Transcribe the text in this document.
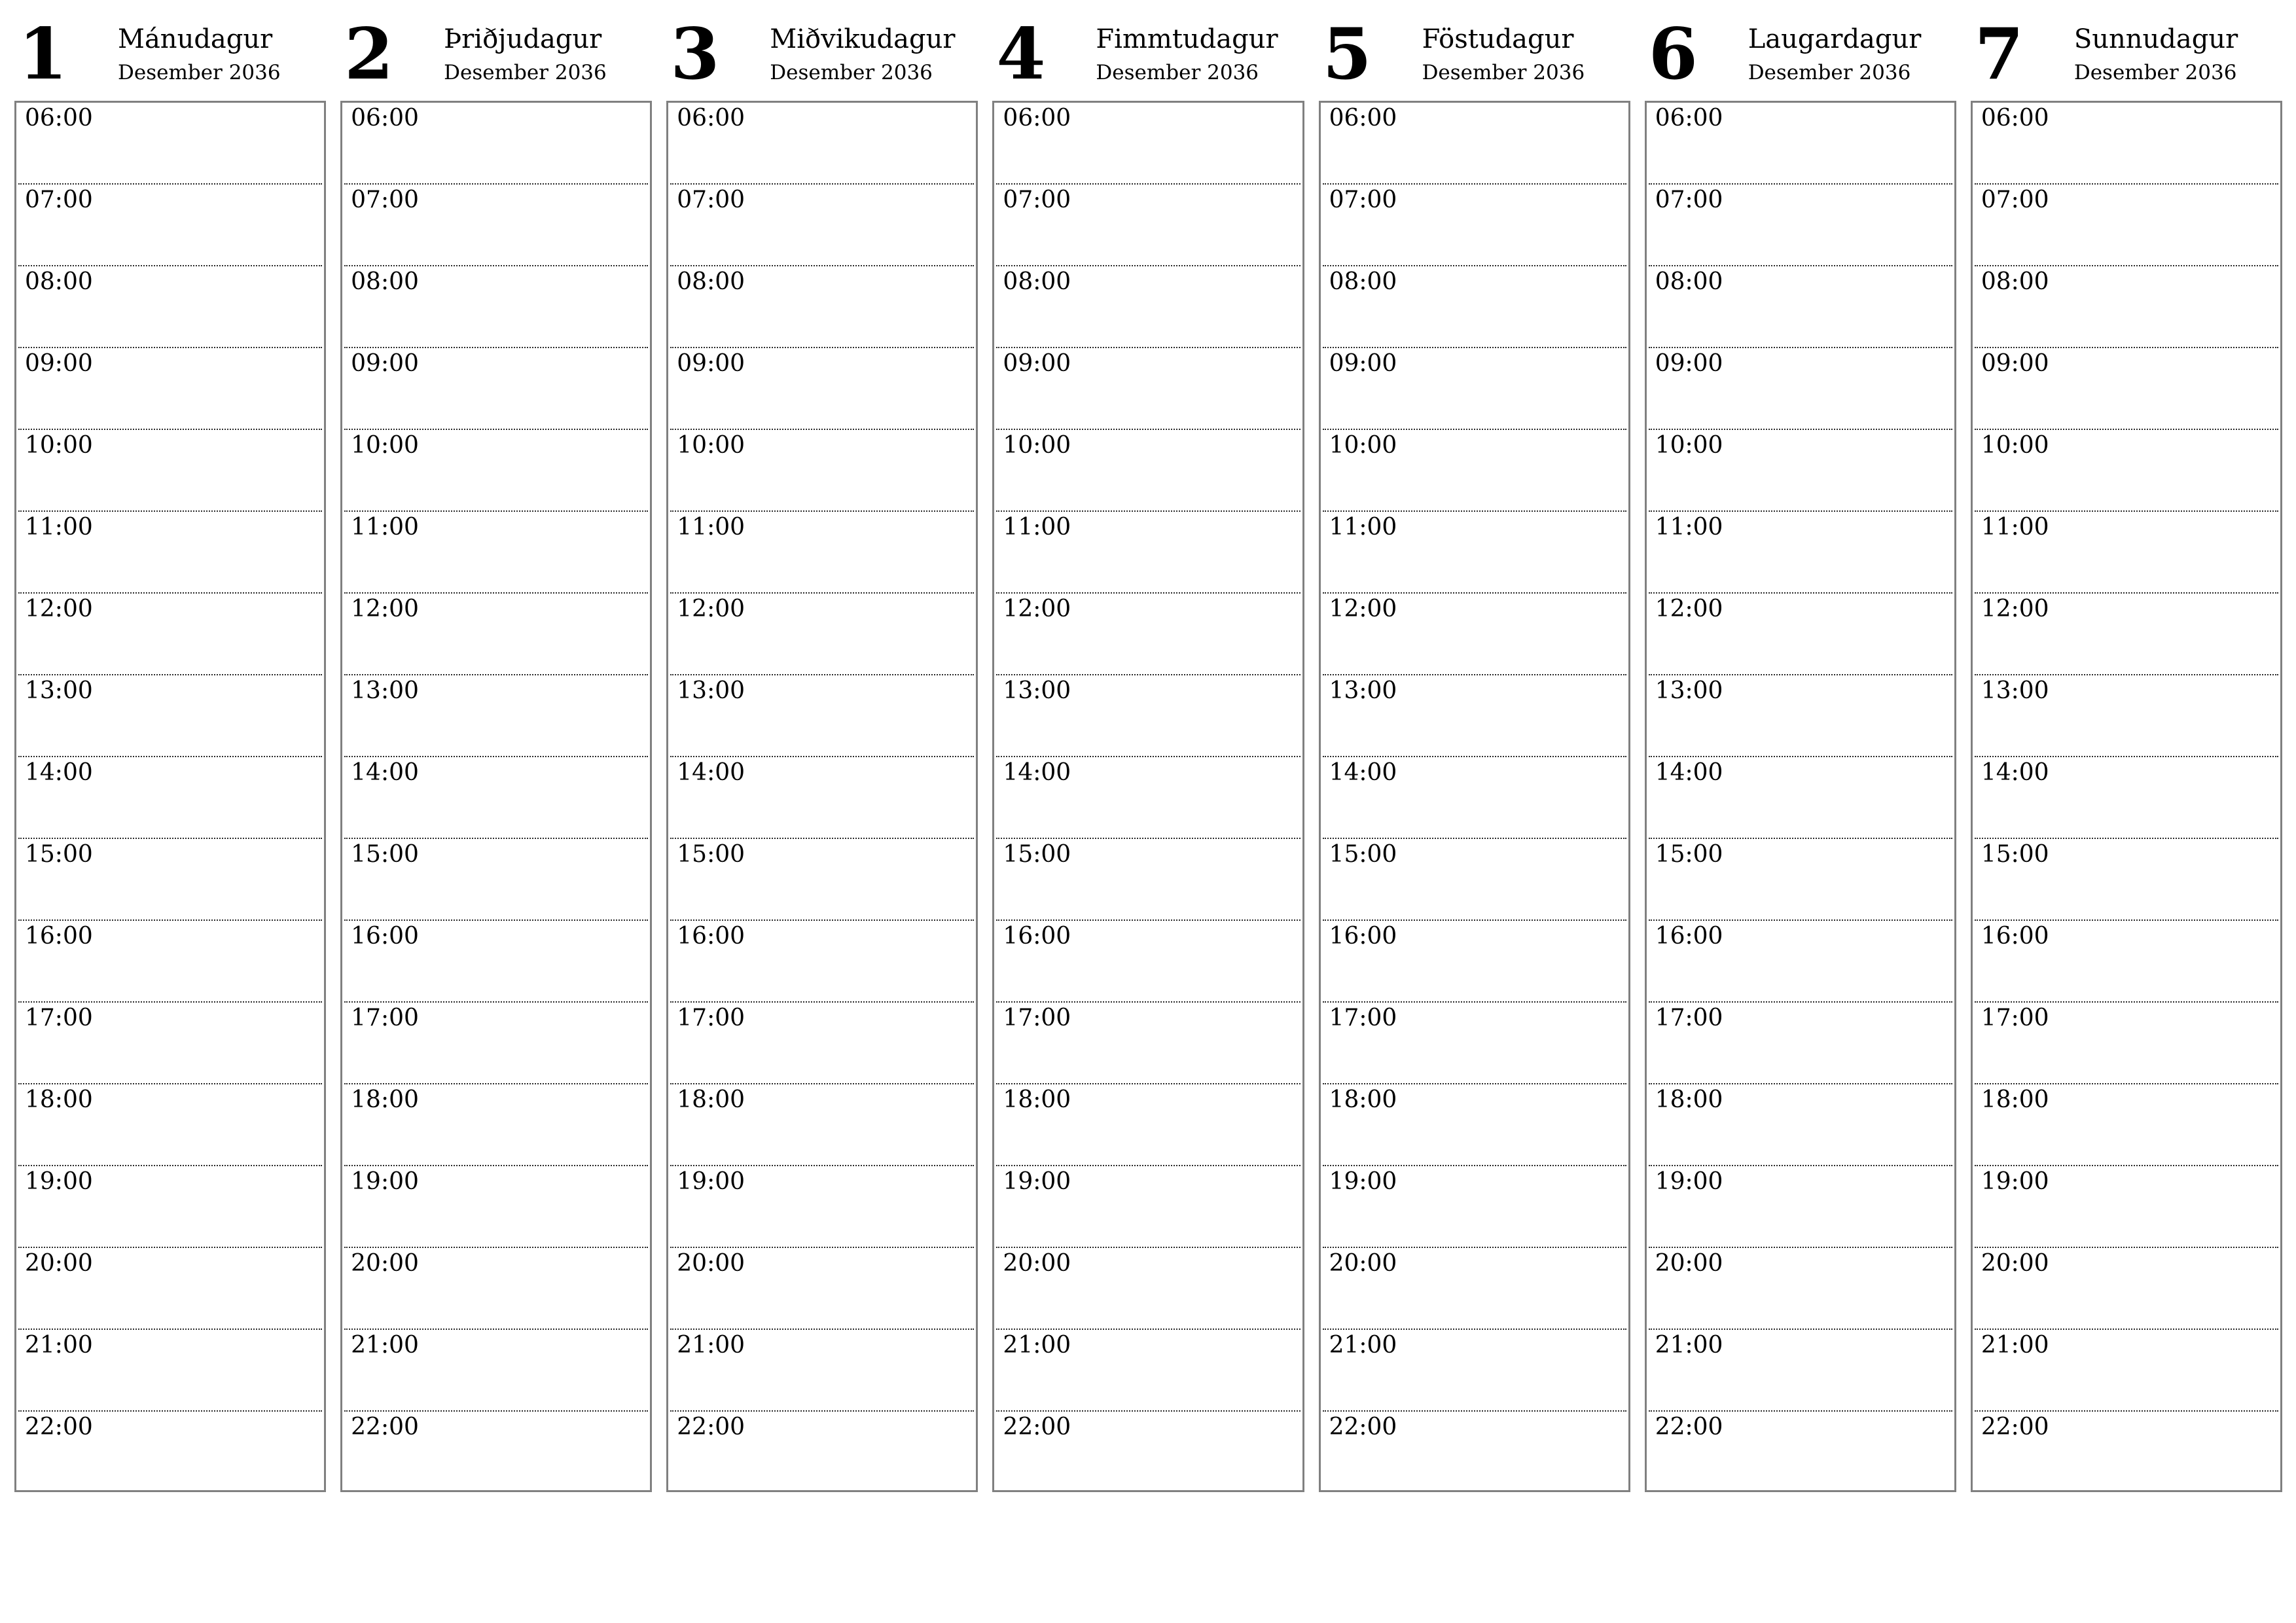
1 Mánudagur
Desember 2036
06:00
07:00
08:00
09:00
10:00
11:00
12:00
13:00
14:00
15:00
16:00
17:00
18:00
19:00
20:00
21:00
22:00
2 Þriðjudagur
Desember 2036
06:00
07:00
08:00
09:00
10:00
11:00
12:00
13:00
14:00
15:00
16:00
17:00
18:00
19:00
20:00
21:00
22:00
3 Miðvikudagur
Desember 2036
06:00
07:00
08:00
09:00
10:00
11:00
12:00
13:00
14:00
15:00
16:00
17:00
18:00
19:00
20:00
21:00
22:00
4 Fimmtudagur
Desember 2036
06:00
07:00
08:00
09:00
10:00
11:00
12:00
13:00
14:00
15:00
16:00
17:00
18:00
19:00
20:00
21:00
22:00
5 Föstudagur
Desember 2036
06:00
07:00
08:00
09:00
10:00
11:00
12:00
13:00
14:00
15:00
16:00
17:00
18:00
19:00
20:00
21:00
22:00
6 Laugardagur
Desember 2036
06:00
07:00
08:00
09:00
10:00
11:00
12:00
13:00
14:00
15:00
16:00
17:00
18:00
19:00
20:00
21:00
22:00
7 Sunnudagur
Desember 2036
06:00
07:00
08:00
09:00
10:00
11:00
12:00
13:00
14:00
15:00
16:00
17:00
18:00
19:00
20:00
21:00
22:00
